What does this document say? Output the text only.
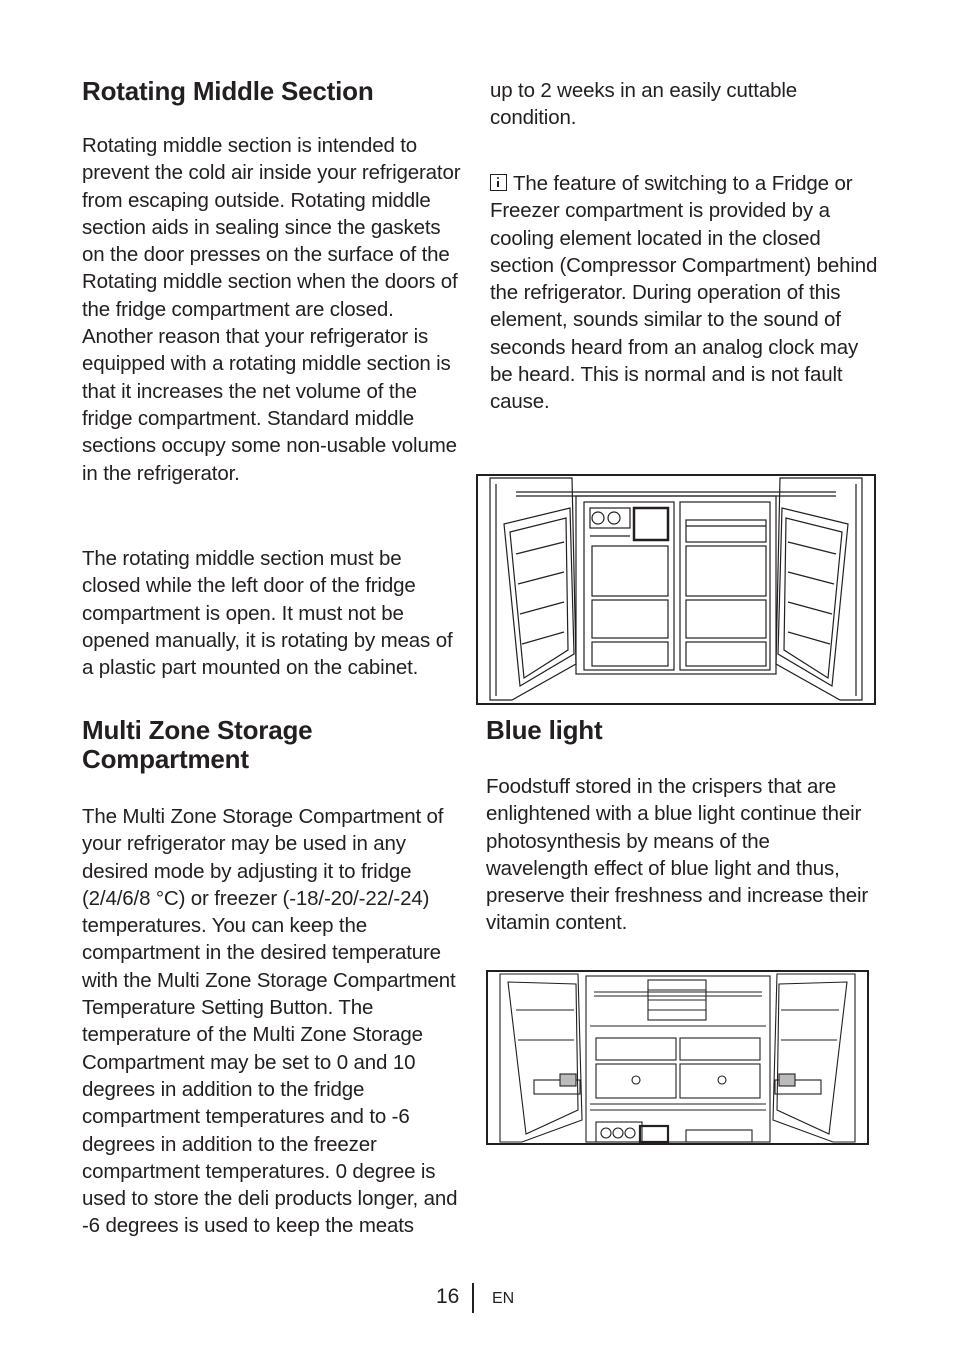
Rotating Middle Section

Rotating middle section is intended to prevent the cold air inside your refrigerator from escaping outside. Rotating middle section aids in sealing since the gaskets on the door presses on the surface of the Rotating middle section when the doors of the fridge compartment are closed. Another reason that your refrigerator is equipped with a rotating middle section is that it increases the net volume of the fridge compartment. Standard middle sections occupy some non-usable volume in the refrigerator.

The rotating middle section must be closed while the left door of the fridge compartment is open. It must not be opened manually, it is rotating by meas of a plastic part mounted on the cabinet.

Multi Zone Storage Compartment

The Multi Zone Storage Compartment of your refrigerator may be used in any desired mode by adjusting it to fridge (2/4/6/8 °C) or freezer (-18/-20/-22/-24) temperatures. You can keep the compartment in the desired temperature with the Multi Zone Storage Compartment Temperature Setting Button. The temperature of the Multi Zone Storage Compartment may be set to 0 and 10 degrees in addition to the fridge compartment temperatures and to -6 degrees in addition to the freezer compartment temperatures. 0 degree is used to store the deli products longer, and -6 degrees is used to keep the meats

up to 2 weeks in an easily cuttable condition.

The feature of switching to a Fridge or Freezer compartment is provided by a cooling element located in the closed section (Compressor Compartment) behind the refrigerator. During operation of this element, sounds similar to the sound of seconds heard from an analog clock may be heard. This is normal and is not fault cause.

Blue light

Foodstuff stored in the crispers that are enlightened with a blue light continue their photosynthesis by means of the wavelength effect of blue light and thus, preserve their freshness and increase their vitamin content.

16 EN
